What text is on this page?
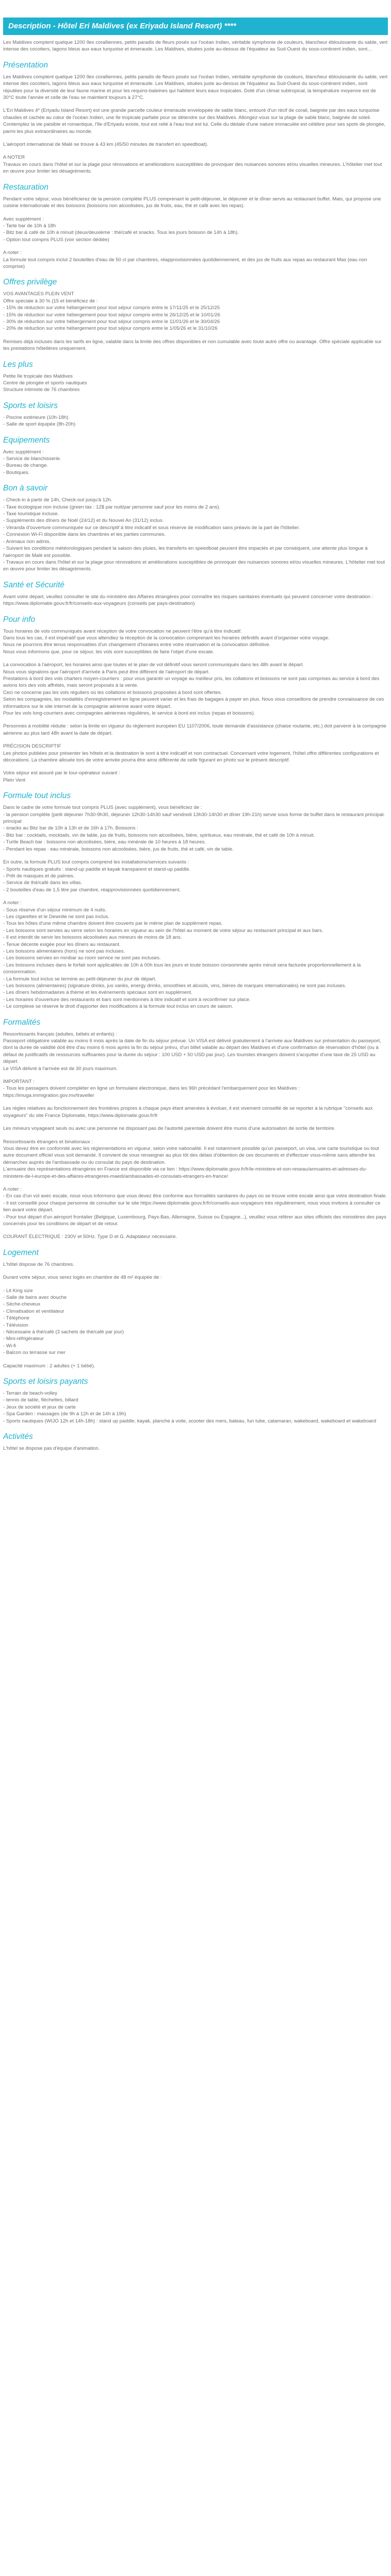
Description - Hôtel Eri Maldives (ex Eriyadu Island Resort) ****

Les Maldives comptent quelque 1200 îles coralliennes, petits paradis de fleurs posés sur l'océan Indien, véritable symphonie de couleurs, blancheur éblouissante du sable, vert intense des cocotiers, lagons bleus aux eaux turquoise et émeraude. Les Maldives, situées juste au-dessus de l'équateur au Sud-Ouest du sous-continent indien, sont...

Présentation

Les Maldives comptent quelque 1200 îles coralliennes, petits paradis de fleurs posés sur l'océan Indien, véritable symphonie de couleurs, blancheur éblouissante du sable, vert intense des cocotiers, lagons bleus aux eaux turquoise et émeraude. Les Maldives, situées juste au-dessus de l'équateur au Sud-Ouest du sous-continent indien, sont réputées pour la diversité de leur faune marine et pour les requins-baleines qui habitent leurs eaux tropicales. Doté d'un climat subtropical, la température moyenne est de 30°C toute l'année et celle de l'eau se maintient toujours à 27°C.

L'Eri Maldives 4* (Eriyadu Island Resort) est une grande parcelle couleur émeraude enveloppée de sable blanc, entouré d'un récif de corail, baignée par des eaux turquoise chaudes et cachée au cœur de l'océan Indien, une île tropicale parfaite pour se détendre sur des Maldives. Allongez-vous sur la plage de sable blanc, baignée de soleil. Contemplez la vie paisible et romantique, l'île d'Eriyadu existe, tout est relié à l'eau tout est lui. Celle du dédale d'une nature immaculée est célèbre pour ses spots de plongée, parmi les plus extraordinaires au monde.

L'aéroport international de Malé se trouve à 43 km (45/50 minutes de transfert en speedboat).

A NOTER
Travaux en cours dans l'hôtel et sur la plage pour rénovations et améliorations susceptibles de provoquer des nuisances sonores et/ou visuelles mineures. L'hôtelier met tout en œuvre pour limiter les désagréments.

Restauration

Pendant votre séjour, vous bénéficierez de la pension complète PLUS comprenant le petit-déjeuner, le déjeuner et le dîner servis au restaurant buffet. Mais, qui propose une cuisine internationale et des boissons (boissons non alcoolisées, jus de fruits, eau, thé et café avec les repas).

Avec supplément :
- Tarte bar de 10h à 18h
- Bitz bar & café de 10h à minuit (deux/deuxième : thé/café et snacks. Tous les jours boisson de 14h à 18h).
- Option tout compris PLUS (voir section dédiée)

A noter :
La formule tout compris inclut 2 bouteilles d'eau de 50 cl par chambres, réapprovisionnées quotidiennement, et des jus de fruits aux repas au restaurant Mas (eau non comprise)

Offres privilège

VOS AVANTAGES PLEIN VENT
Offre spéciale à 30 % (15 et bénéficiez de :
- 15% de réduction sur votre hébergement pour tout séjour compris entre le 17/11/25 et le 25/12/25
- 15% de réduction sur votre hébergement pour tout séjour compris entre le 26/12/25 et le 10/01/26
- 30% de réduction sur votre hébergement pour tout séjour compris entre le 11/01/26 et le 30/04/26
- 20% de réduction sur votre hébergement pour tout séjour compris entre le 1/05/26 et le 31/10/26

Remises déjà incluses dans les tarifs en ligne, valable dans la limite des offres disponibles et non cumulable avec toute autre offre ou avantage. Offre spéciale applicable sur les prestations hôtelières uniquement.

Les plus

Petite île tropicale des Maldives
Centre de plongée et sports nautiques
Structure intimiste de 76 chambres

Sports et loisirs

- Piscine extérieure (10h-18h)
- Salle de sport équipée (8h-20h)

Equipements

Avec supplément :
- Service de blanchisserie.
- Bureau de change.
- Boutiques.

Bon à savoir

- Check-in à partir de 14h, Check-out jusqu'à 12h.
- Taxe écologique non incluse (green tax : 12$ par nuit/par personne sauf pour les moins de 2 ans).
- Taxe touristique incluse.
- Suppléments des dîners de Noël (24/12) et du Nouvel An (31/12) inclus.
- Véranda d'ouverture communiquée sur ce descriptif à titre indicatif et sous réserve de modification sans préavis de la part de l'hôtelier.
- Connexion Wi-Fi disponible dans les chambres et les parties communes.
- Animaux non admis.
- Suivant les conditions météorologiques pendant la saison des pluies, les transferts en speedboat peuvent être impactés et par conséquent, une attente plus longue à l'aéroport de Malé est possible.
- Travaux en cours dans l'hôtel et sur la plage pour rénovations et améliorations susceptibles de provoquer des nuisances sonores et/ou visuelles mineures. L'hôtelier met tout en œuvre pour limiter les désagréments.

Santé et Sécurité

Avant votre départ, veuillez consulter le site du ministère des Affaires étrangères pour connaître les risques sanitaires éventuels qui peuvent concerner votre destination : https://www.diplomatie.gouv.fr/fr/conseils-aux-voyageurs (conseils par pays-destination)

Pour info

Tous horaires de vols communiqués avant réception de votre convocation ne peuvent l'être qu'à titre indicatif.
Dans tous les cas, il est impératif que vous attendiez la réception de la convocation comprenant les horaires définitifs avant d'organiser votre voyage.
Nous ne pourrons être tenus responsables d'un changement d'horaires entre votre réservation et la convocation définitive.
Nous vous informons que, pour ce séjour, les vols sont susceptibles de faire l'objet d'une escale.

La convocation à l'aéroport, les horaires ainsi que toutes et le plan de vol définitif vous seront communiqués dans les 48h avant le départ.
Nous vous signalons que l'aéroport d'arrivée à Paris peut être différent de l'aéroport de départ.
Prestations à bord des vols charters moyen-courriers : pour vous garantir un voyage au meilleur prix, les collations et boissons ne sont pas comprises au service à bord des avions lors des vols affrétés, mais seront proposés à la vente.
Ceci ne concerne pas les vols réguliers où les collations et boissons proposées à bord sont offertes.
Selon les compagnies, les modalités d'enregistrement en ligne peuvent varier et les frais de bagages à payer en plus. Nous vous conseillons de prendre connaissance de ces informations sur le site internet de la compagnie aérienne avant votre départ.
Pour les vols long-courriers avec compagnies aériennes régulières, le service à bord est inclus (repas et boissons).

Personnes à mobilité réduite : selon la limite en vigueur du règlement européen EU 1107/2006, toute demande d'assistance (chaise roulante, etc.) doit parvenir à la compagnie aérienne au plus tard 48h avant la date de départ.

PRÉCISION DESCRIPTIF
Les photos publiées pour présenter les hôtels et la destination le sont à titre indicatif et non contractuel. Concernant votre logement, l'hôtel offre différentes configurations et décorations. La chambre allouée lors de votre arrivée pourra être ainsi différente de celle figurant en photo sur le présent descriptif.

Votre séjour est assuré par le tour-opérateur suivant :
Plein Vent

Formule tout inclus

Dans le cadre de votre formule tout compris PLUS (avec supplément), vous bénéficiez de :
- la pension complète (petit déjeuner 7h30-9h30, déjeuner 12h30-14h30 sauf vendredi 13h30-14h30 et dîner 19h-21h) servie sous forme de buffet dans le restaurant principal.
principal
- snacks au Bitz bar de 10h à 13h et de 16h à 17h. Boissons :
- Bitz bar : cocktails, mocktails, vin de table, jus de fruits, boissons non alcoolisées, bière, spiritueux, eau minérale, thé et café de 10h à minuit.
- Turtle Beach bar : boissons non alcoolisées, bière, eau minérale de 10 heures à 18 heures.
- Pendant les repas : eau minérale, boissons non alcoolisées, bière, jus de fruits, thé et café, vin de table.

En outre, la formule PLUS tout compris comprend les installations/services suivants :
- Sports nautiques gratuits : stand-up paddle et kayak transparent et stand-up paddle.
- Prêt de masques et de palmes.
- Service de thé/café dans les villas.
- 2 bouteilles d'eau de 1,5 litre par chambre, réapprovisionnées quotidiennement.

A noter :
- Sous réserve d'un séjour minimum de 4 nuits.
- Les cigarettes et le Dewnite ne sont pas inclus.
- Tous les hôtes d'une même chambre doivent être couverts par le même plan de supplément repas.
- Les boissons sont servies au verre selon les horaires en vigueur au sein de l'hôtel au moment de votre séjour au restaurant principal et aux bars.
- Il est interdit de servir les boissons alcoolisées aux mineurs de moins de 18 ans.
- Tenue décente exigée pour les dîners au restaurant.
- Les boissons alimentaires (hors) ne sont pas incluses.
- Les boissons servies en minibar au room service ne sont pas incluses.
- Les boissons incluses dans le forfait sont applicables de 10h à 00h tous les jours et toute boisson consommée après minuit sera facturée proportionnellement à la consommation.
- La formule tout inclus se termine au petit-déjeuner du jour de départ.
- Les boissons (alimentaires) (signature drinks, jus variés, energy drinks, smoothies et alcools, vins, bières de marques internationales) ne sont pas incluses.
- Les dîners hebdomadaires à thème et les événements spéciaux sont en supplément.
- Les horaires d'ouverture des restaurants et bars sont mentionnés à titre indicatif et sont à reconfirmer sur place.
- Le complexe se réserve le droit d'apporter des modifications à la formule tout inclus en cours de saison.

Formalités

Ressortissants français (adultes, bébés et enfants) :
Passeport obligatoire valable au moins 6 mois après la date de fin du séjour prévue. Un VISA est délivré gratuitement à l'arrivée aux Maldives sur présentation du passeport, dont la durée de validité doit être d'au moins 6 mois après la fin du séjour prévu, d'un billet valable au départ des Maldives et d'une confirmation de réservation d'hôtel (ou à défaut de justificatifs de ressources suffisantes pour la durée du séjour : 100 USD + 50 USD par jour). Les touristes étrangers doivent s'acquitter d'une taxe de 25 USD au départ.
Le VISA délivré à l'arrivée est de 30 jours maximum.

IMPORTANT :
- Tous les passagers doivent compléter en ligne un formulaire électronique, dans les 96h précédant l'embarquement pour les Maldives : https://imuga.immigration.gov.mv/traveller

Les règles relatives au fonctionnement des frontières propres à chaque pays étant amenées à évoluer, il est vivement conseillé de se reporter à la rubrique "conseils aux voyageurs" du site France Diplomatie, https://www.diplomatie.gouv.fr/fr

Les mineurs voyageant seuls ou avec une personne ne disposant pas de l'autorité parentale doivent être munis d'une autorisation de sortie de territoire.

Ressortissants étrangers et binationaux :
Vous devez être en conformité avec les réglementations en vigueur, selon votre nationalité. Il est notamment possible qu'un passeport, un visa, une carte touristique ou tout autre document officiel vous soit demandé. Il convient de vous renseigner au plus tôt des délais d'obtention de ces documents et d'effectuer vous-même sans attendre les démarches auprès de l'ambassade ou du consulat du pays de destination.
L'annuaire des représentations étrangères en France est disponible via ce lien : https://www.diplomatie.gouv.fr/fr/le-ministere-et-son-reseau/annuaires-et-adresses-du-ministere-de-l-europe-et-des-affaires-etrangeres-maedi/ambassades-et-consulats-etrangers-en-france/

A noter :
- En cas d'un vol avec escale, nous vous informons que vous devez être conforme aux formalités sanitaires du pays où se trouve votre escale ainsi que votre destination finale.
- Il est conseillé pour chaque personne de consulter sur le site https://www.diplomatie.gouv.fr/fr/conseils-aux-voyageurs très régulièrement, nous vous invitons à consulter ce lien avant votre départ.
- Pour tout départ d'un aéroport frontalier (Belgique, Luxembourg, Pays-Bas, Allemagne, Suisse ou Espagne...), veuillez vous référer aux sites officiels des ministères des pays concernés pour les conditions de départ et de retour.

COURANT ÉLECTRIQUE : 230V et 50Hz. Type D et G. Adaptateur nécessaire.

Logement

L'hôtel dispose de 76 chambres.

Durant votre séjour, vous serez logés en chambre de 48 m² équipée de :

- Lit King size
- Salle de bains avec douche
- Sèche-cheveux
- Climatisation et ventilateur
- Téléphone
- Télévision
- Nécessaire à thé/café (3 sachets de thé/café par jour)
- Mini-réfrigérateur
- Wi-fi
- Balcon ou terrasse sur mer

Capacité maximum : 2 adultes (+ 1 bébé).

Sports et loisirs payants

- Terrain de beach-volley
- tennis de table, fléchettes, billard
- Jeux de société et jeux de carte
- Spa Garden : massages (de 9h à 12h et de 14h à 19h)
- Sports nautiques (WIJO 12h et 14h-18h) : stand up paddle, kayak, planche à voile, scooter des mers, bateau, fun tube, catamaran, wakeboard, wakeboard et wakeboard

Activités

L'hôtel se dispose pas d'équipe d'animation.
